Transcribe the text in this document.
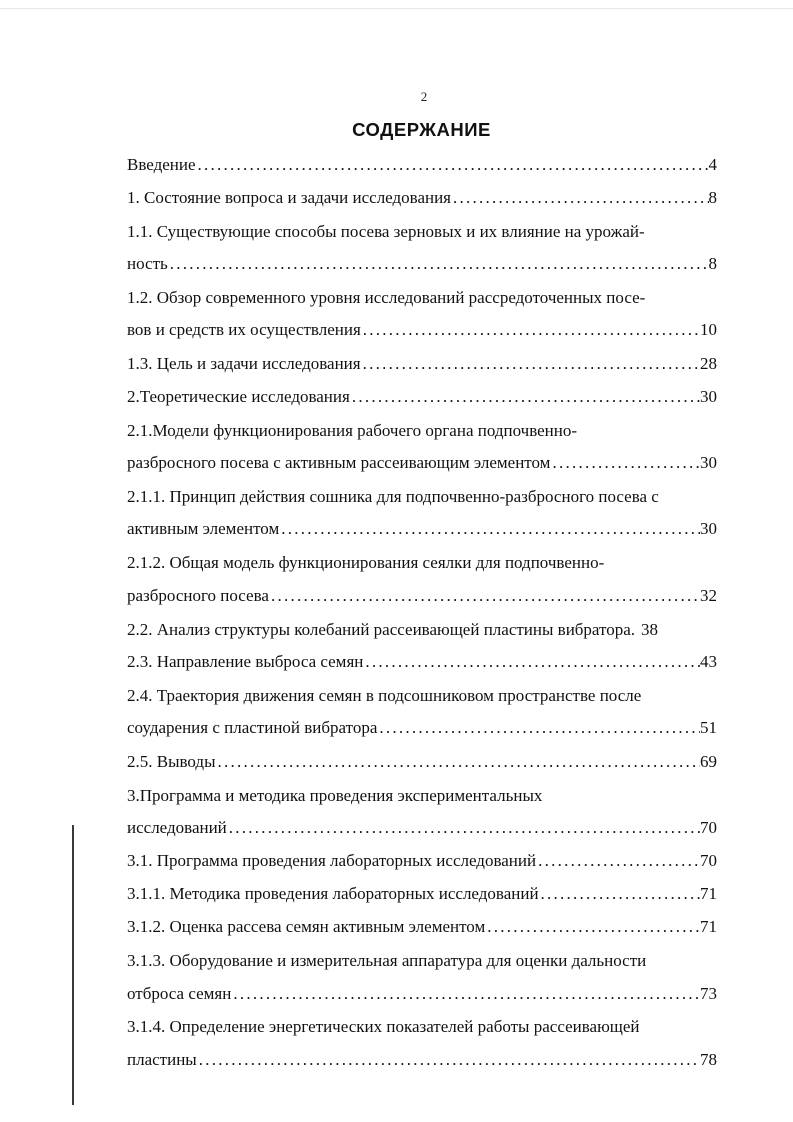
2
СОДЕРЖАНИЕ
Введение . . .	4
1. Состояние вопроса и задачи исследования . . .	8
1.1. Существующие способы посева зерновых и их влияние на урожай-
ность . . .	8
1.2. Обзор современного уровня исследований рассредоточенных посе-
вов и средств их осуществления . . .	10
1.3. Цель и задачи исследования . . .	28
2.Теоретические исследования . . .	30
2.1.Модели функционирования рабочего органа подпочвенно-
разбросного посева с активным рассеивающим элементом . . .	30
2.1.1. Принцип действия сошника для подпочвенно-разбросного посева с
активным элементом . . .	30
2.1.2. Общая модель функционирования сеялки для подпочвенно-
разбросного посева . . .	32
2.2. Анализ структуры колебаний рассеивающей пластины вибратора. 38
2.3. Направление выброса семян . . .	43
2.4. Траектория движения семян в подсошниковом пространстве после
соударения с пластиной вибратора . . .	51
2.5. Выводы . . .	69
3.Программа и методика проведения экспериментальных
исследований . . .	70
3.1. Программа проведения лабораторных исследований . . .	70
3.1.1. Методика проведения лабораторных исследований . . .	71
3.1.2. Оценка рассева семян активным элементом . . .	71
3.1.3. Оборудование и измерительная аппаратура для оценки дальности
отброса семян . . .	73
3.1.4. Определение энергетических показателей работы рассеивающей
пластины . . .	78
